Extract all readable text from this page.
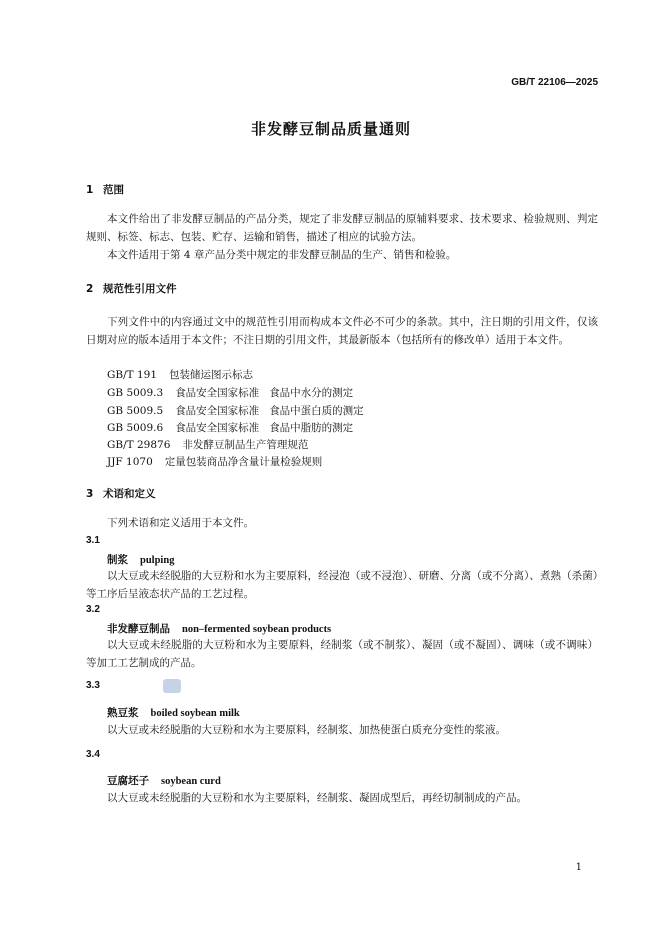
GB/T 22106—2025
非发酵豆制品质量通则
1 范围
本文件给出了非发酵豆制品的产品分类，规定了非发酵豆制品的原辅料要求、技术要求、检验规则、判定规则、标签、标志、包装、贮存、运输和销售，描述了相应的试验方法。
本文件适用于第 4 章产品分类中规定的非发酵豆制品的生产、销售和检验。
2 规范性引用文件
下列文件中的内容通过文中的规范性引用而构成本文件必不可少的条款。其中，注日期的引用文件，仅该日期对应的版本适用于本文件；不注日期的引用文件，其最新版本（包括所有的修改单）适用于本文件。
GB/T 191 包装储运图示标志
GB 5009.3 食品安全国家标准 食品中水分的测定
GB 5009.5 食品安全国家标准 食品中蛋白质的测定
GB 5009.6 食品安全国家标准 食品中脂肪的测定
GB/T 29876 非发酵豆制品生产管理规范
JJF 1070 定量包装商品净含量计量检验规则
3 术语和定义
下列术语和定义适用于本文件。
3.1
制浆 pulping
以大豆或未经脱脂的大豆粉和水为主要原料，经浸泡（或不浸泡）、研磨、分离（或不分离）、煮熟（杀菌）等工序后呈液态状产品的工艺过程。
3.2
非发酵豆制品 non–fermented soybean products
以大豆或未经脱脂的大豆粉和水为主要原料，经制浆（或不制浆）、凝固（或不凝固）、调味（或不调味）等加工工艺制成的产品。
3.3
熟豆浆 boiled soybean milk
以大豆或未经脱脂的大豆粉和水为主要原料，经制浆、加热使蛋白质充分变性的浆液。
3.4
豆腐坯子 soybean curd
以大豆或未经脱脂的大豆粉和水为主要原料，经制浆、凝固成型后，再经切制制成的产品。
1
